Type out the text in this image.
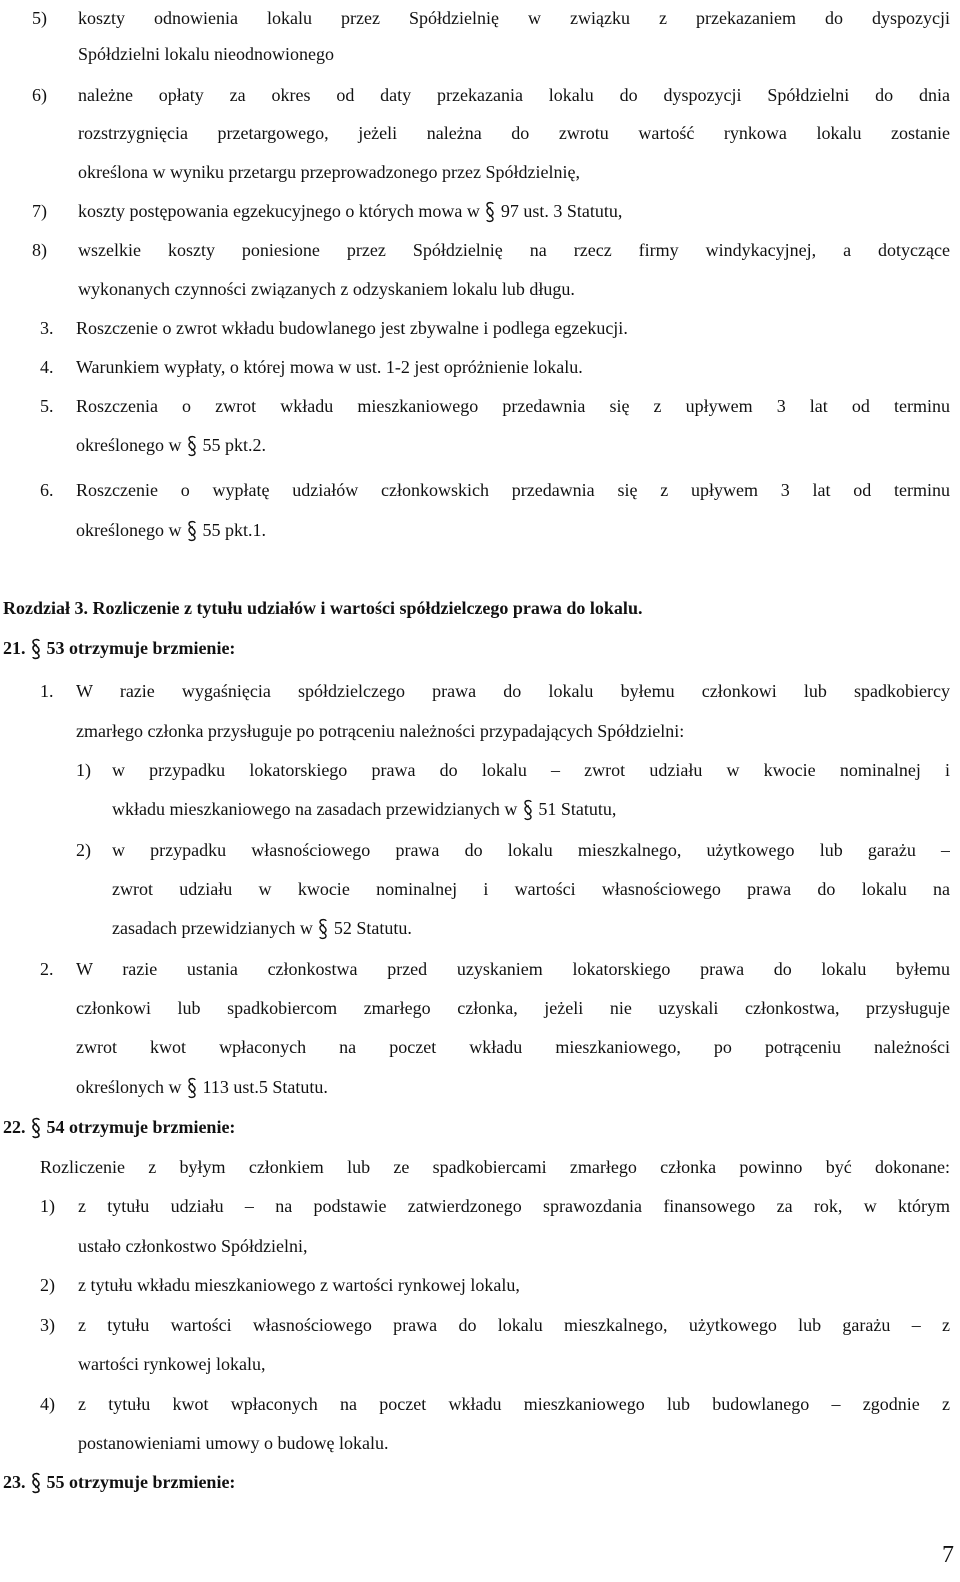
5) koszty odnowienia lokalu przez Spółdzielnię w związku z przekazaniem do dyspozycji
Spółdzielni lokalu nieodnowionego
6) należne opłaty za okres od daty przekazania lokalu do dyspozycji Spółdzielni do dnia
rozstrzygnięcia przetargowego, jeżeli należna do zwrotu wartość rynkowa lokalu zostanie
określona w wyniku przetargu przeprowadzonego przez Spółdzielnię,
7) koszty postępowania egzekucyjnego o których mowa w 97 ust. 3 Statutu,
8) wszelkie koszty poniesione przez Spółdzielnię na rzecz firmy windykacyjnej, a dotyczące
wykonanych czynności związanych z odzyskaniem lokalu lub długu.
3. Roszczenie o zwrot wkładu budowlanego jest zbywalne i podlega egzekucji.
4. Warunkiem wypłaty, o której mowa w ust. 1-2 jest opróżnienie lokalu.
5. Roszczenia o zwrot wkładu mieszkaniowego przedawnia się z upływem 3 lat od terminu
określonego w 55 pkt.2.
6. Roszczenie o wypłatę udziałów członkowskich przedawnia się z upływem 3 lat od terminu
określonego w 55 pkt.1.
Rozdział 3. Rozliczenie z tytułu udziałów i wartości spółdzielczego prawa do lokalu.
21. 53 otrzymuje brzmienie:
1. W razie wygaśnięcia spółdzielczego prawa do lokalu byłemu członkowi lub spadkobiercy
zmarłego członka przysługuje po potrąceniu należności przypadających Spółdzielni:
1) w przypadku lokatorskiego prawa do lokalu – zwrot udziału w kwocie nominalnej i
wkładu mieszkaniowego na zasadach przewidzianych w 51 Statutu,
2) w przypadku własnościowego prawa do lokalu mieszkalnego, użytkowego lub garażu –
zwrot udziału w kwocie nominalnej i wartości własnościowego prawa do lokalu na
zasadach przewidzianych w 52 Statutu.
2. W razie ustania członkostwa przed uzyskaniem lokatorskiego prawa do lokalu byłemu
członkowi lub spadkobiercom zmarłego członka, jeżeli nie uzyskali członkostwa, przysługuje
zwrot kwot wpłaconych na poczet wkładu mieszkaniowego, po potrąceniu należności
określonych w 113 ust.5 Statutu.
22. 54 otrzymuje brzmienie:
Rozliczenie z byłym członkiem lub ze spadkobiercami zmarłego członka powinno być dokonane:
1) z tytułu udziału – na podstawie zatwierdzonego sprawozdania finansowego za rok, w którym
ustało członkostwo Spółdzielni,
2) z tytułu wkładu mieszkaniowego z wartości rynkowej lokalu,
3) z tytułu wartości własnościowego prawa do lokalu mieszkalnego, użytkowego lub garażu – z
wartości rynkowej lokalu,
4) z tytułu kwot wpłaconych na poczet wkładu mieszkaniowego lub budowlanego – zgodnie z
postanowieniami umowy o budowę lokalu.
23. 55 otrzymuje brzmienie:
7
